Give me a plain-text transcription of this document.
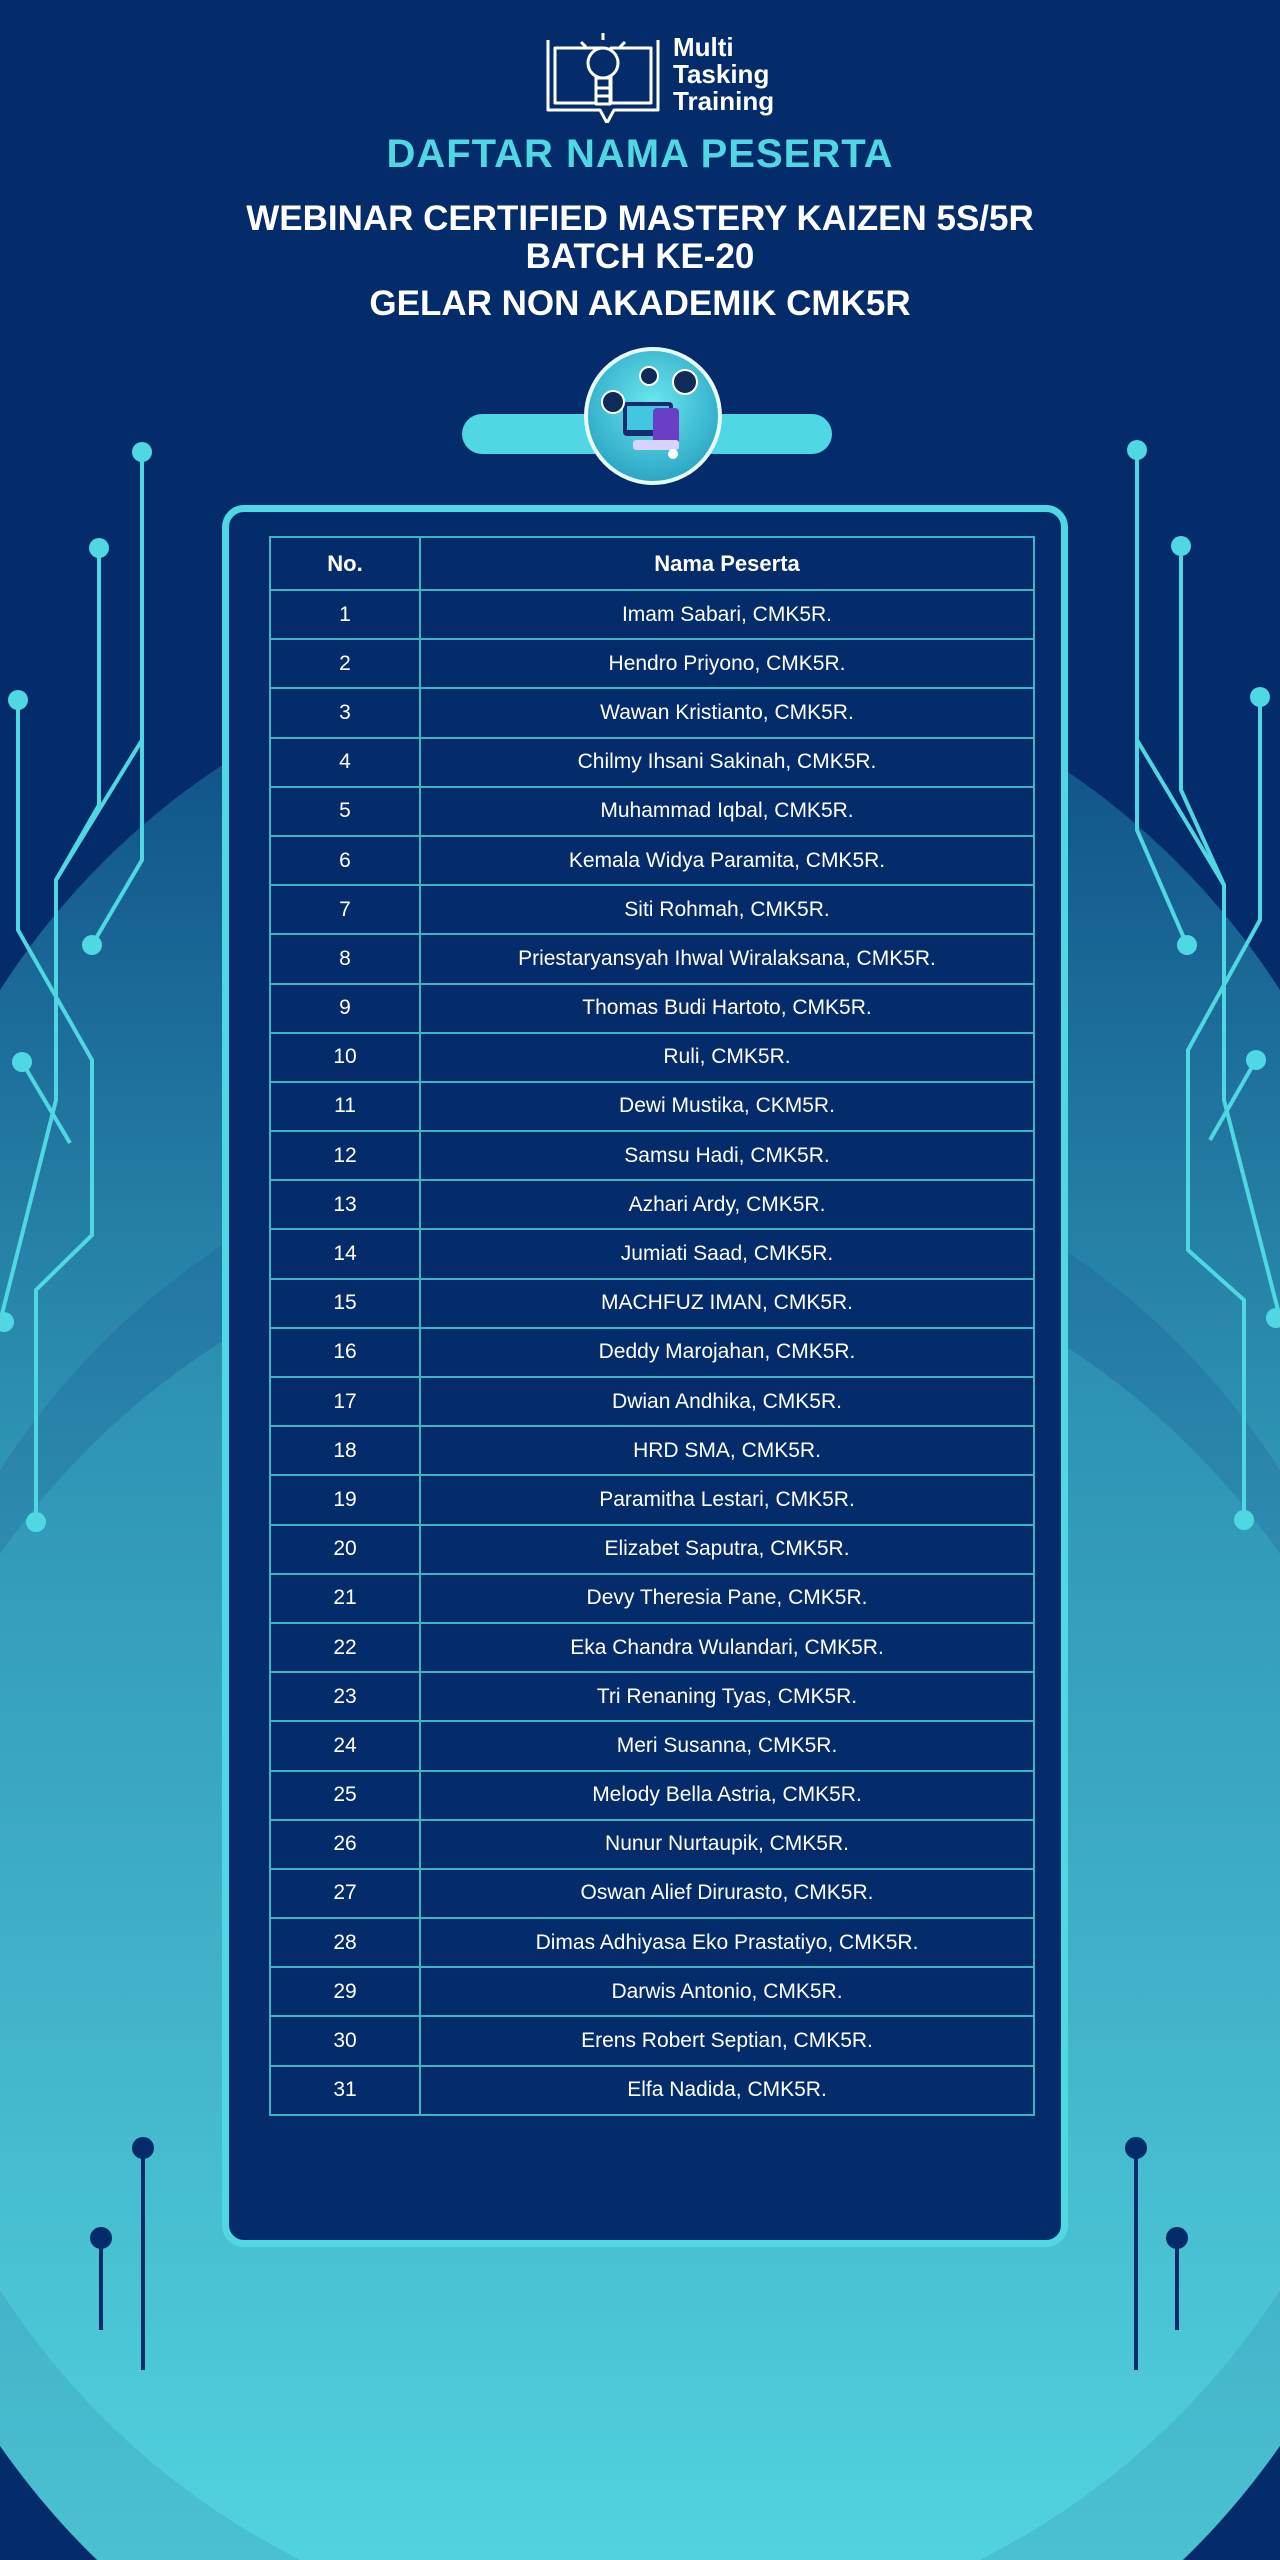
Multi
Tasking
Training
DAFTAR NAMA PESERTA
WEBINAR CERTIFIED MASTERY KAIZEN 5S/5R
BATCH KE-20
GELAR NON AKADEMIK CMK5R
No.	Nama Peserta
1	Imam Sabari, CMK5R.
2	Hendro Priyono, CMK5R.
3	Wawan Kristianto, CMK5R.
4	Chilmy Ihsani Sakinah, CMK5R.
5	Muhammad Iqbal, CMK5R.
6	Kemala Widya Paramita, CMK5R.
7	Siti Rohmah, CMK5R.
8	Priestaryansyah Ihwal Wiralaksana, CMK5R.
9	Thomas Budi Hartoto, CMK5R.
10	Ruli, CMK5R.
11	Dewi Mustika, CKM5R.
12	Samsu Hadi, CMK5R.
13	Azhari Ardy, CMK5R.
14	Jumiati Saad, CMK5R.
15	MACHFUZ IMAN, CMK5R.
16	Deddy Marojahan, CMK5R.
17	Dwian Andhika, CMK5R.
18	HRD SMA, CMK5R.
19	Paramitha Lestari, CMK5R.
20	Elizabet Saputra, CMK5R.
21	Devy Theresia Pane, CMK5R.
22	Eka Chandra Wulandari, CMK5R.
23	Tri Renaning Tyas, CMK5R.
24	Meri Susanna, CMK5R.
25	Melody Bella Astria, CMK5R.
26	Nunur Nurtaupik, CMK5R.
27	Oswan Alief Dirurasto, CMK5R.
28	Dimas Adhiyasa Eko Prastatiyo, CMK5R.
29	Darwis Antonio, CMK5R.
30	Erens Robert Septian, CMK5R.
31	Elfa Nadida, CMK5R.
